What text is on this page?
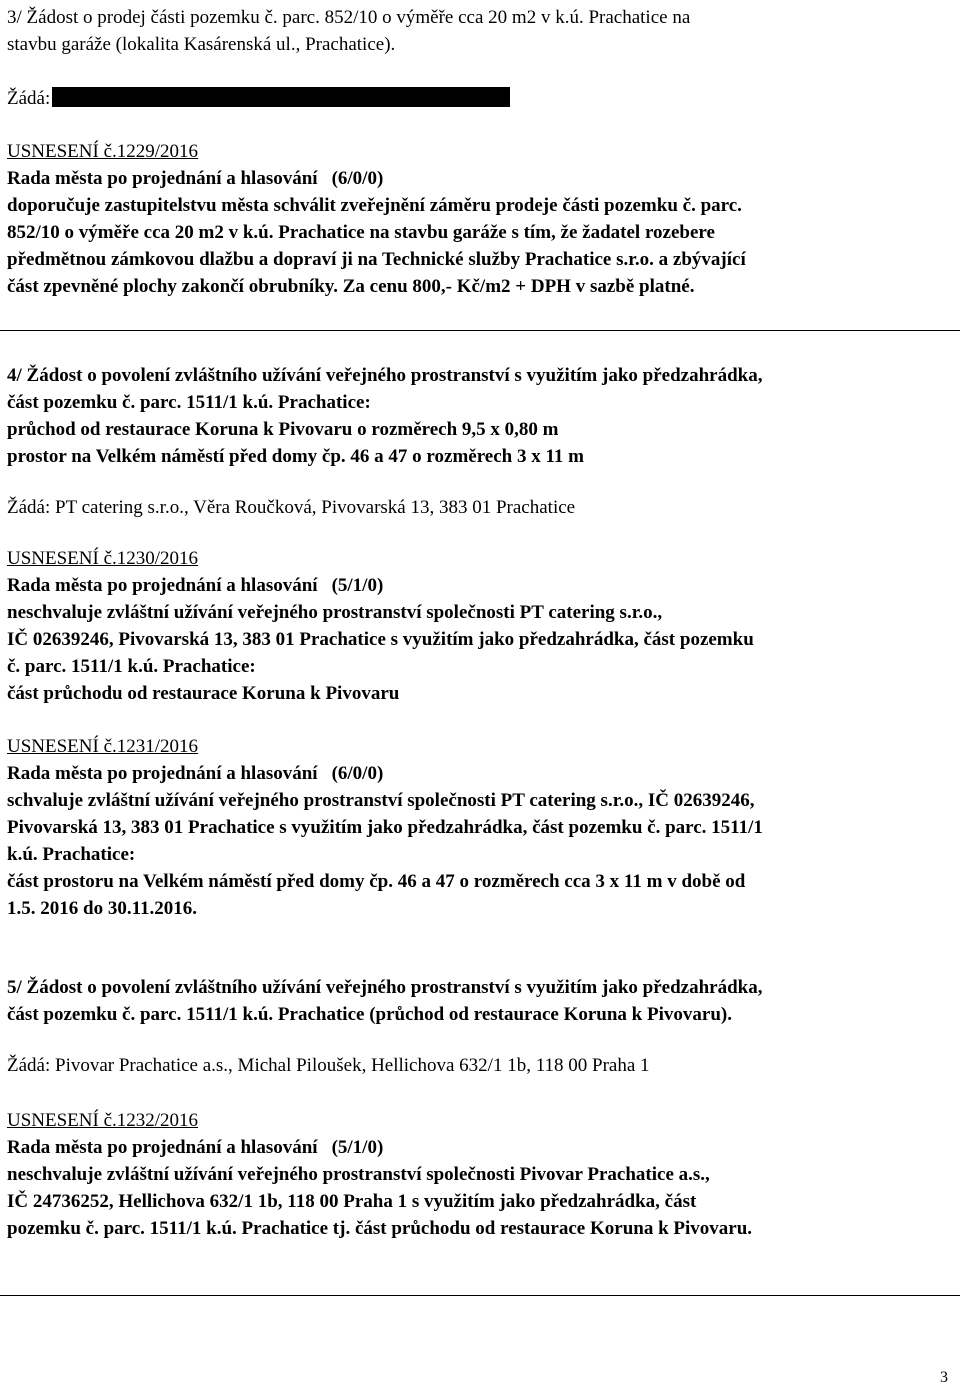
3/ Žádost o prodej části pozemku č. parc. 852/10 o výměře cca 20 m2 v k.ú. Prachatice na

stavbu garáže (lokalita Kasárenská ul., Prachatice).

Žádá:

USNESENÍ č.1229/2016

Rada města po projednání a hlasování (6/0/0)

doporučuje zastupitelstvu města schválit zveřejnění záměru prodeje části pozemku č. parc.

852/10 o výměře cca 20 m2 v k.ú. Prachatice na stavbu garáže s tím, že žadatel rozebere

předmětnou zámkovou dlažbu a dopraví ji na Technické služby Prachatice s.r.o. a zbývající

část zpevněné plochy zakončí obrubníky. Za cenu 800,- Kč/m2 + DPH v sazbě platné.

4/ Žádost o povolení zvláštního užívání veřejného prostranství s využitím jako předzahrádka,

část pozemku č. parc. 1511/1 k.ú. Prachatice:

průchod od restaurace Koruna k Pivovaru o rozměrech 9,5 x 0,80 m

prostor na Velkém náměstí před domy čp. 46 a 47 o rozměrech 3 x 11 m

Žádá: PT catering s.r.o., Věra Roučková, Pivovarská 13, 383 01 Prachatice

USNESENÍ č.1230/2016

Rada města po projednání a hlasování (5/1/0)

neschvaluje zvláštní užívání veřejného prostranství společnosti PT catering s.r.o.,

IČ 02639246, Pivovarská 13, 383 01 Prachatice s využitím jako předzahrádka, část pozemku

č. parc. 1511/1 k.ú. Prachatice:

část průchodu od restaurace Koruna k Pivovaru

USNESENÍ č.1231/2016

Rada města po projednání a hlasování (6/0/0)

schvaluje zvláštní užívání veřejného prostranství společnosti PT catering s.r.o., IČ 02639246,

Pivovarská 13, 383 01 Prachatice s využitím jako předzahrádka, část pozemku č. parc. 1511/1

k.ú. Prachatice:

část prostoru na Velkém náměstí před domy čp. 46 a 47 o rozměrech cca 3 x 11 m v době od

1.5. 2016 do 30.11.2016.

5/ Žádost o povolení zvláštního užívání veřejného prostranství s využitím jako předzahrádka,

část pozemku č. parc. 1511/1 k.ú. Prachatice (průchod od restaurace Koruna k Pivovaru).

Žádá: Pivovar Prachatice a.s., Michal Piloušek, Hellichova 632/1 1b, 118 00 Praha 1

USNESENÍ č.1232/2016

Rada města po projednání a hlasování (5/1/0)

neschvaluje zvláštní užívání veřejného prostranství společnosti Pivovar Prachatice a.s.,

IČ 24736252, Hellichova 632/1 1b, 118 00 Praha 1 s využitím jako předzahrádka, část

pozemku č. parc. 1511/1 k.ú. Prachatice tj. část průchodu od restaurace Koruna k Pivovaru.

3
